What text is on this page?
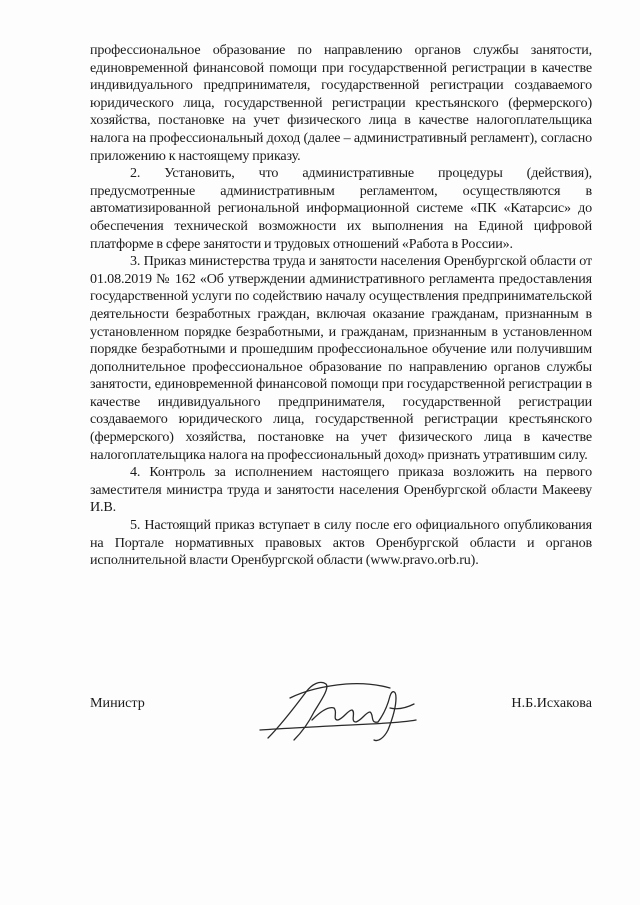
профессиональное образование по направлению органов службы занятости, единовременной финансовой помощи при государственной регистрации в качестве индивидуального предпринимателя, государственной регистрации создаваемого юридического лица, государственной регистрации крестьянского (фермерского) хозяйства, постановке на учет физического лица в качестве налогоплательщика налога на профессиональный доход (далее – административный регламент), согласно приложению к настоящему приказу.

2. Установить, что административные процедуры (действия), предусмотренные административным регламентом, осуществляются в автоматизированной региональной информационной системе «ПК «Катарсис» до обеспечения технической возможности их выполнения на Единой цифровой платформе в сфере занятости и трудовых отношений «Работа в России».

3. Приказ министерства труда и занятости населения Оренбургской области от 01.08.2019 № 162 «Об утверждении административного регламента предоставления государственной услуги по содействию началу осуществления предпринимательской деятельности безработных граждан, включая оказание гражданам, признанным в установленном порядке безработными, и гражданам, признанным в установленном порядке безработными и прошедшим профессиональное обучение или получившим дополнительное профессиональное образование по направлению органов службы занятости, единовременной финансовой помощи при государственной регистрации в качестве индивидуального предпринимателя, государственной регистрации создаваемого юридического лица, государственной регистрации крестьянского (фермерского) хозяйства, постановке на учет физического лица в качестве налогоплательщика налога на профессиональный доход» признать утратившим силу.

4. Контроль за исполнением настоящего приказа возложить на первого заместителя министра труда и занятости населения Оренбургской области Макееву И.В.

5. Настоящий приказ вступает в силу после его официального опубликования на Портале нормативных правовых актов Оренбургской области и органов исполнительной власти Оренбургской области (www.pravo.orb.ru).

Министр	Н.Б.Исхакова
